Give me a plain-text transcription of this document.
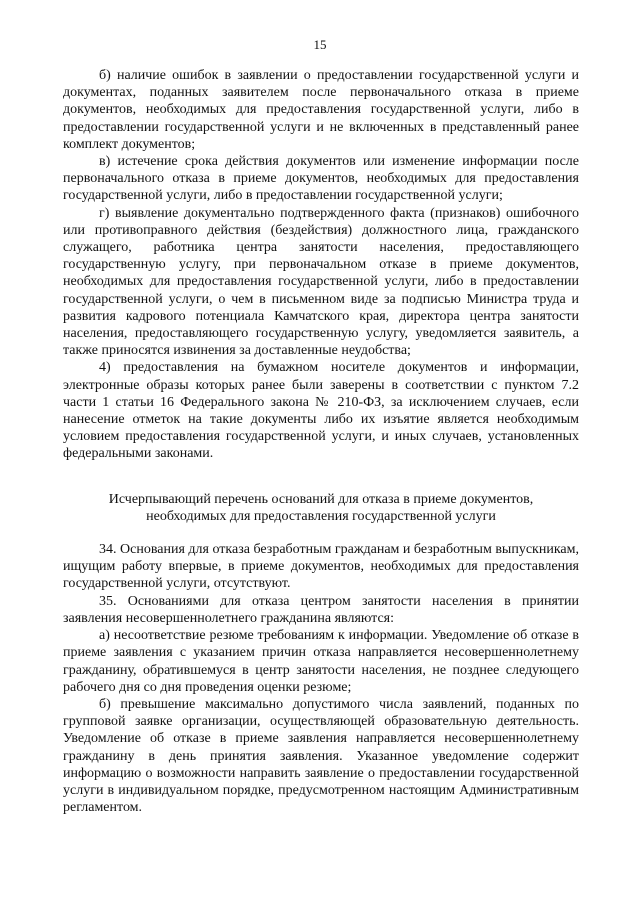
15

б) наличие ошибок в заявлении о предоставлении государственной услуги и документах, поданных заявителем после первоначального отказа в приеме документов, необходимых для предоставления государственной услуги, либо в предоставлении государственной услуги и не включенных в представленный ранее комплект документов;

в) истечение срока действия документов или изменение информации после первоначального отказа в приеме документов, необходимых для предоставления государственной услуги, либо в предоставлении государственной услуги;

г) выявление документально подтвержденного факта (признаков) ошибочного или противоправного действия (бездействия) должностного лица, гражданского служащего, работника центра занятости населения, предоставляющего государственную услугу, при первоначальном отказе в приеме документов, необходимых для предоставления государственной услуги, либо в предоставлении государственной услуги, о чем в письменном виде за подписью Министра труда и развития кадрового потенциала Камчатского края, директора центра занятости населения, предоставляющего государственную услугу, уведомляется заявитель, а также приносятся извинения за доставленные неудобства;

4) предоставления на бумажном носителе документов и информации, электронные образы которых ранее были заверены в соответствии с пунктом 7.2 части 1 статьи 16 Федерального закона № 210-ФЗ, за исключением случаев, если нанесение отметок на такие документы либо их изъятие является необходимым условием предоставления государственной услуги, и иных случаев, установленных федеральными законами.

Исчерпывающий перечень оснований для отказа в приеме документов,
необходимых для предоставления государственной услуги

34. Основания для отказа безработным гражданам и безработным выпускникам, ищущим работу впервые, в приеме документов, необходимых для предоставления государственной услуги, отсутствуют.

35. Основаниями для отказа центром занятости населения в принятии заявления несовершеннолетнего гражданина являются:

а) несоответствие резюме требованиям к информации. Уведомление об отказе в приеме заявления с указанием причин отказа направляется несовершеннолетнему гражданину, обратившемуся в центр занятости населения, не позднее следующего рабочего дня со дня проведения оценки резюме;

б) превышение максимально допустимого числа заявлений, поданных по групповой заявке организации, осуществляющей образовательную деятельность. Уведомление об отказе в приеме заявления направляется несовершеннолетнему гражданину в день принятия заявления. Указанное уведомление содержит информацию о возможности направить заявление о предоставлении государственной услуги в индивидуальном порядке, предусмотренном настоящим Административным регламентом.
